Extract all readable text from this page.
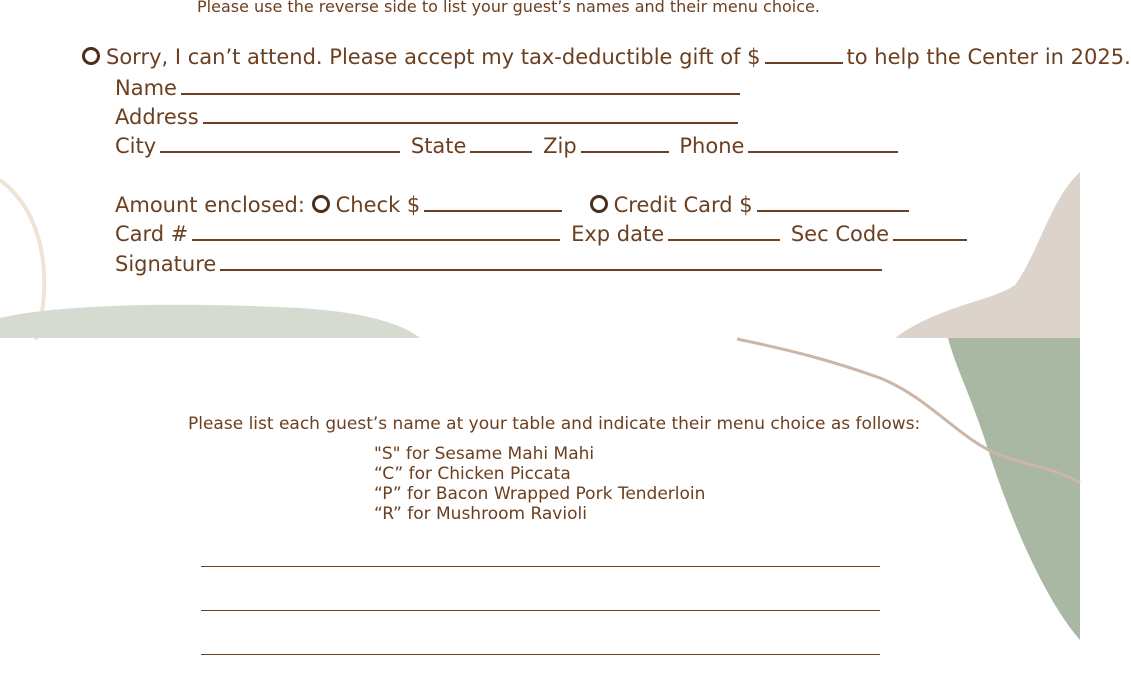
Please use the reverse side to list your guest’s names and their menu choice.
Sorry, I can’t attend. Please accept my tax-deductible gift of $	to help the Center in 2025.
Name
Address
City	State	Zip	Phone
Amount enclosed: Check $	Credit Card $
Card #	Exp date	Sec Code
Signature
Please list each guest’s name at your table and indicate their menu choice as follows:
"S" for Sesame Mahi Mahi
“C” for Chicken Piccata
“P” for Bacon Wrapped Pork Tenderloin
“R” for Mushroom Ravioli
